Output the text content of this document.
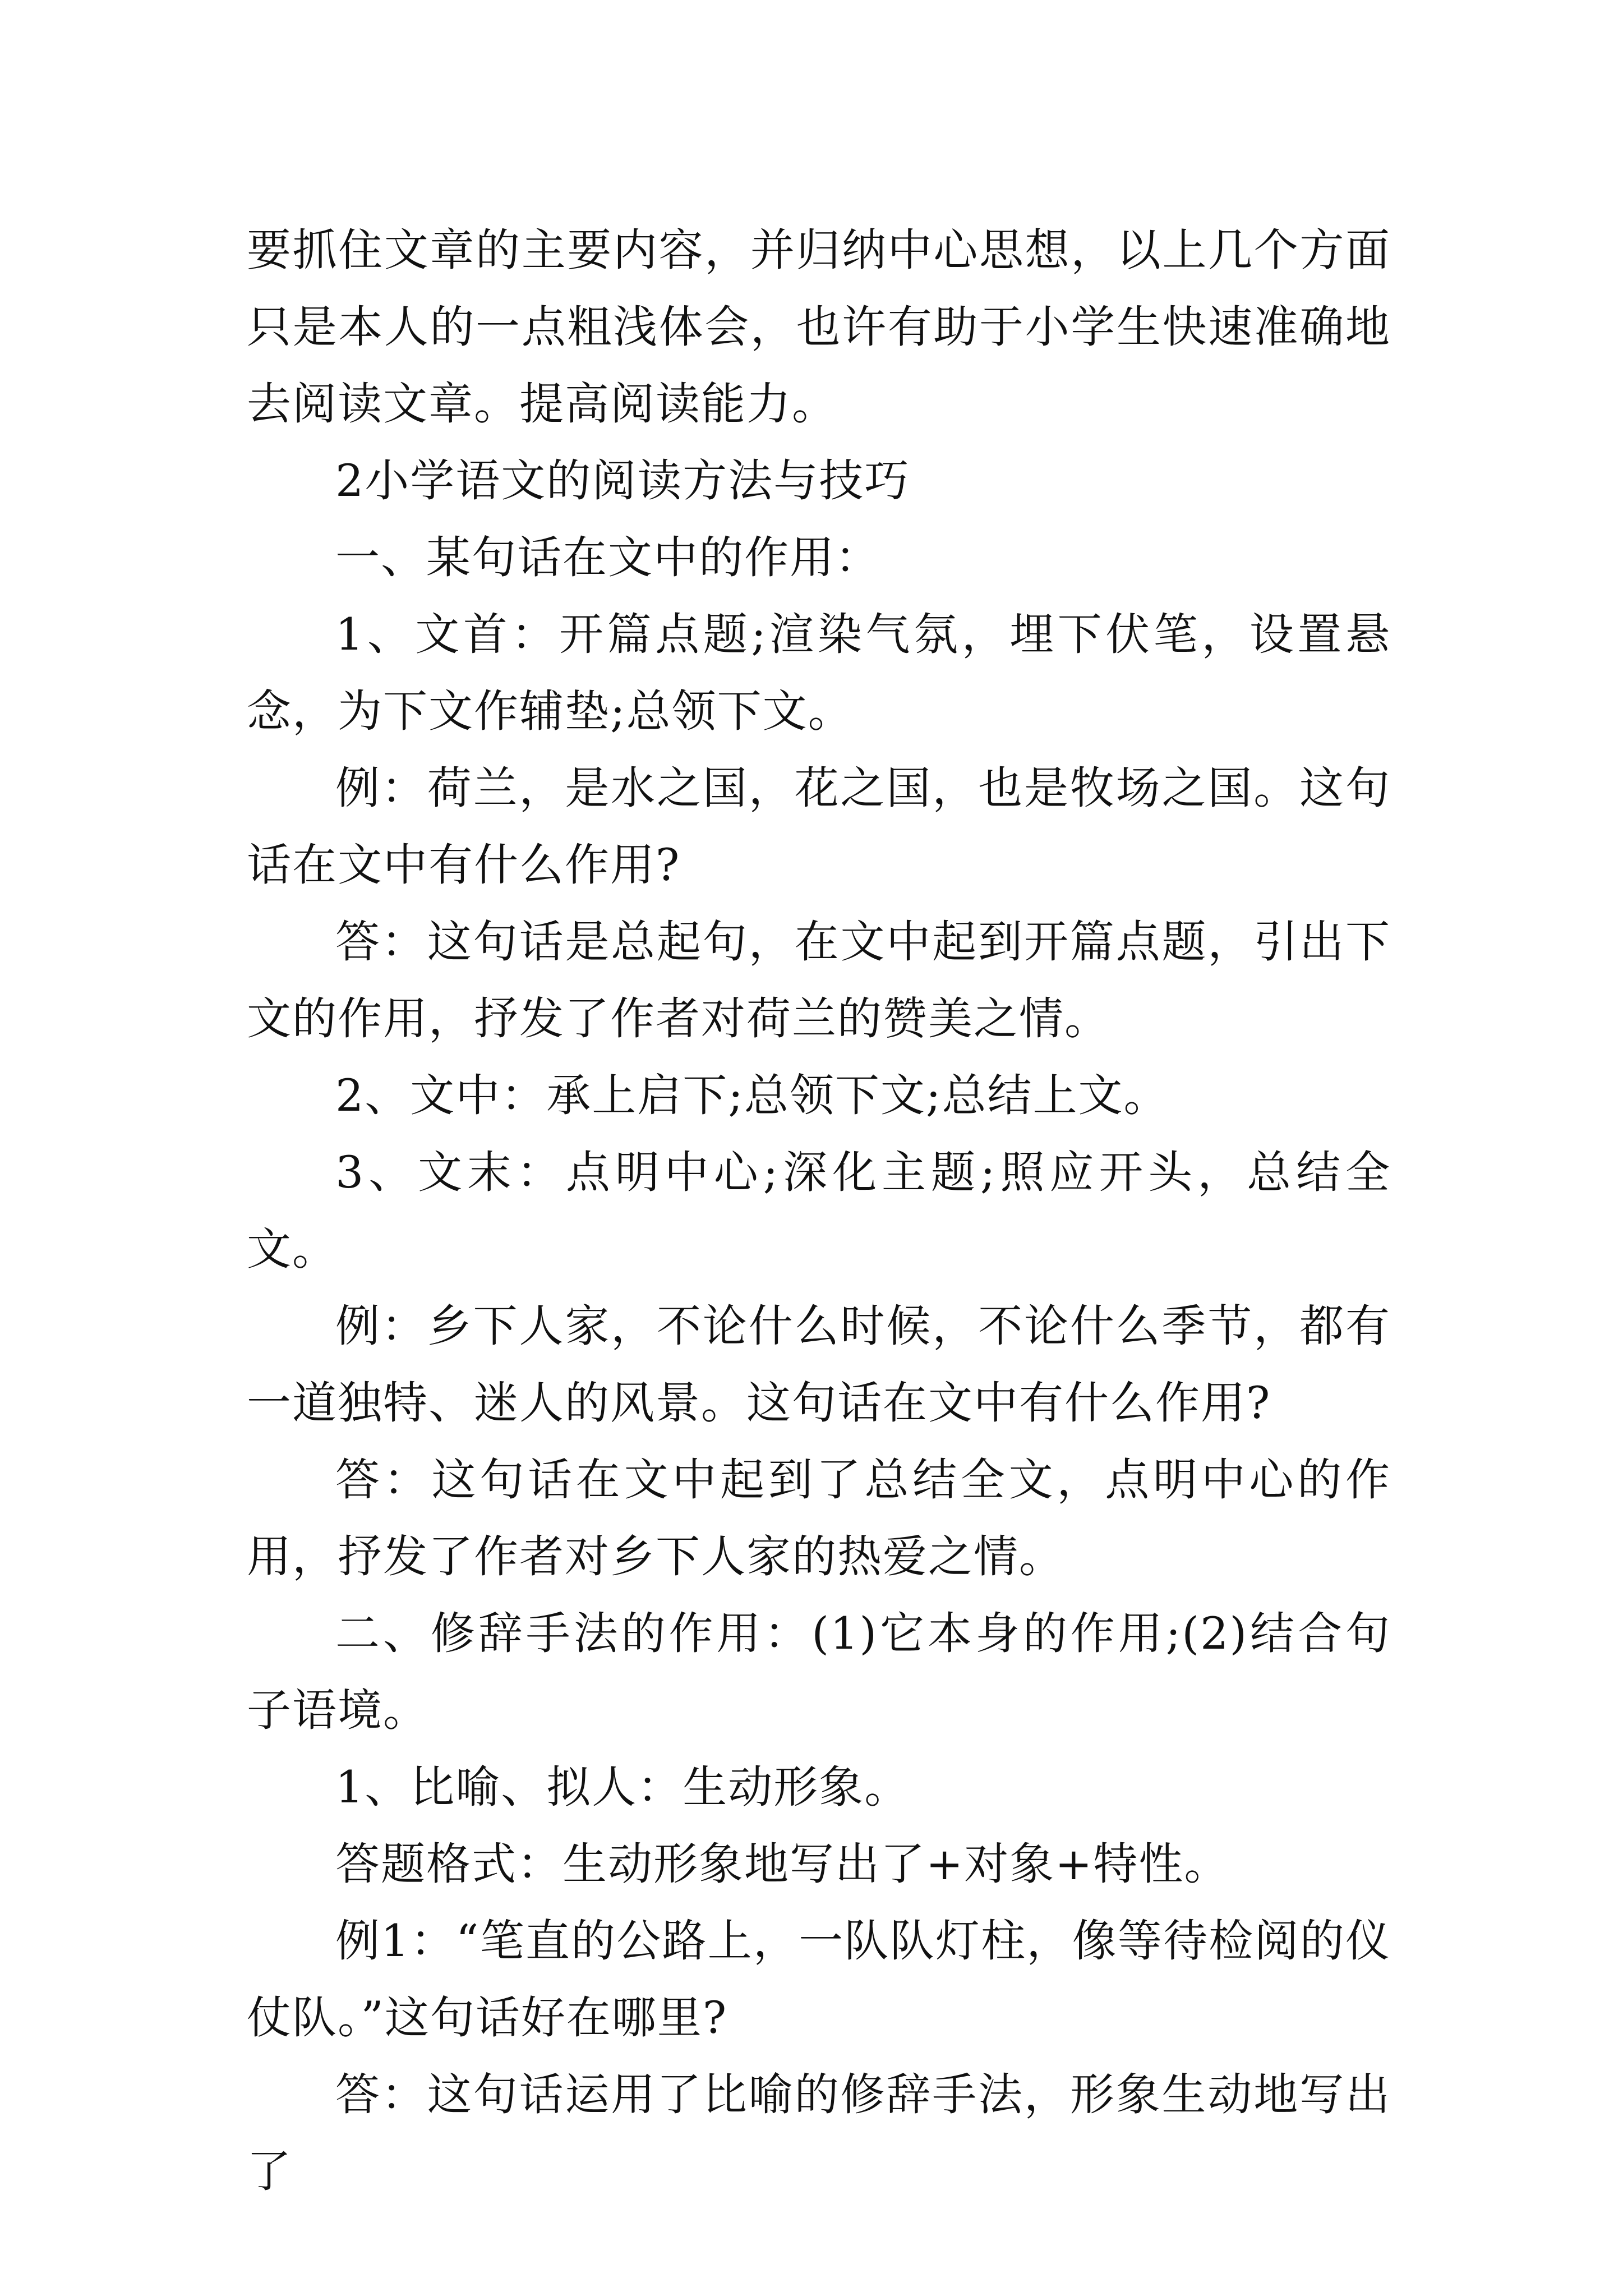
要抓住文章的主要内容，并归纳中心思想，以上几个方面只是本人的一点粗浅体会，也许有助于小学生快速准确地去阅读文章。提高阅读能力。

2小学语文的阅读方法与技巧

一、某句话在文中的作用：

1、文首：开篇点题;渲染气氛，埋下伏笔，设置悬念，为下文作辅垫;总领下文。

例：荷兰，是水之国，花之国，也是牧场之国。这句话在文中有什么作用?

答：这句话是总起句，在文中起到开篇点题，引出下文的作用，抒发了作者对荷兰的赞美之情。

2、文中：承上启下;总领下文;总结上文。

3、文末：点明中心;深化主题;照应开头，总结全文。

例：乡下人家，不论什么时候，不论什么季节，都有一道独特、迷人的风景。这句话在文中有什么作用?

答：这句话在文中起到了总结全文，点明中心的作用，抒发了作者对乡下人家的热爱之情。

二、修辞手法的作用：(1)它本身的作用;(2)结合句子语境。

1、比喻、拟人：生动形象。

答题格式：生动形象地写出了+对象+特性。

例1：“笔直的公路上，一队队灯柱，像等待检阅的仪仗队。”这句话好在哪里?

答：这句话运用了比喻的修辞手法，形象生动地写出了
